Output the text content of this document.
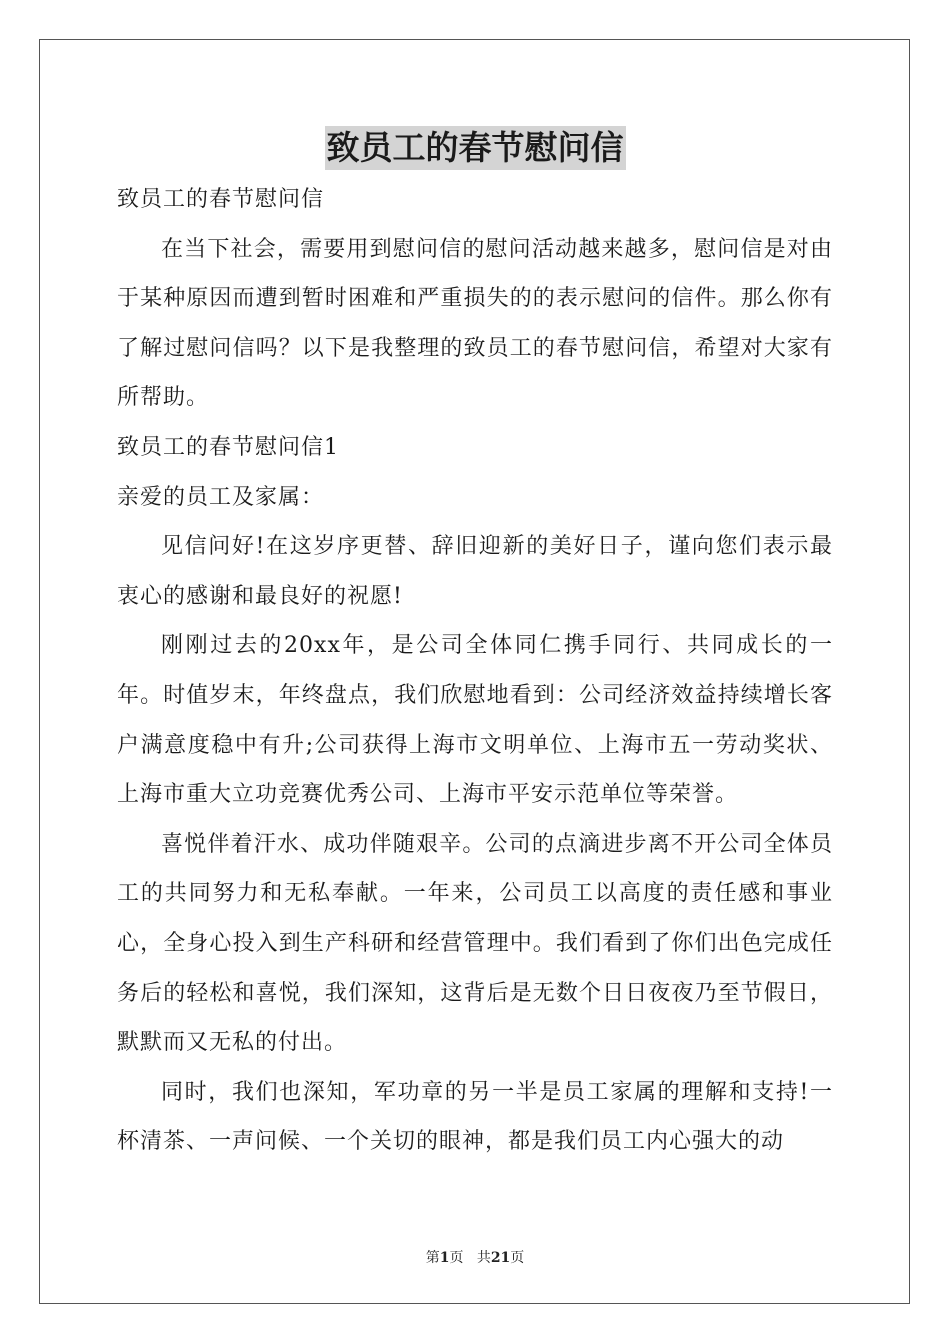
致员工的春节慰问信

致员工的春节慰问信

在当下社会，需要用到慰问信的慰问活动越来越多，慰问信是对由于某种原因而遭到暂时困难和严重损失的的表示慰问的信件。那么你有了解过慰问信吗？以下是我整理的致员工的春节慰问信，希望对大家有所帮助。

致员工的春节慰问信1

亲爱的员工及家属：

见信问好!在这岁序更替、辞旧迎新的美好日子，谨向您们表示最衷心的感谢和最良好的祝愿!

刚刚过去的20xx年，是公司全体同仁携手同行、共同成长的一年。时值岁末，年终盘点，我们欣慰地看到：公司经济效益持续增长客户满意度稳中有升;公司获得上海市文明单位、上海市五一劳动奖状、上海市重大立功竞赛优秀公司、上海市平安示范单位等荣誉。

喜悦伴着汗水、成功伴随艰辛。公司的点滴进步离不开公司全体员工的共同努力和无私奉献。一年来，公司员工以高度的责任感和事业心，全身心投入到生产科研和经营管理中。我们看到了你们出色完成任务后的轻松和喜悦，我们深知，这背后是无数个日日夜夜乃至节假日，默默而又无私的付出。

同时，我们也深知，军功章的另一半是员工家属的理解和支持!一杯清茶、一声问候、一个关切的眼神，都是我们员工内心强大的动

第1页 共21页
